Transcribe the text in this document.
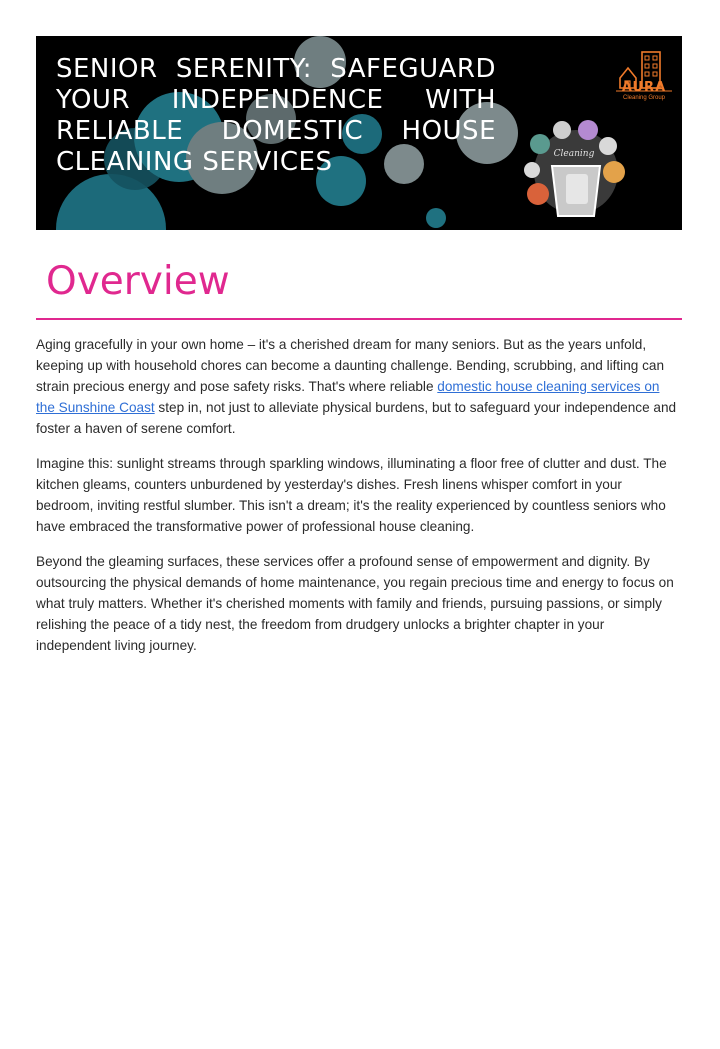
SENIOR SERENITY: SAFEGUARD YOUR INDEPENDENCE WITH RELIABLE DOMESTIC HOUSE CLEANING SERVICES
AURA
Cleaning Group
Cleaning
Overview

Aging gracefully in your own home – it's a cherished dream for many seniors. But as the years unfold, keeping up with household chores can become a daunting challenge. Bending, scrubbing, and lifting can strain precious energy and pose safety risks. That's where reliable domestic house cleaning services on the Sunshine Coast step in, not just to alleviate physical burdens, but to safeguard your independence and foster a haven of serene comfort.

Imagine this: sunlight streams through sparkling windows, illuminating a floor free of clutter and dust. The kitchen gleams, counters unburdened by yesterday's dishes. Fresh linens whisper comfort in your bedroom, inviting restful slumber. This isn't a dream; it's the reality experienced by countless seniors who have embraced the transformative power of professional house cleaning.

Beyond the gleaming surfaces, these services offer a profound sense of empowerment and dignity. By outsourcing the physical demands of home maintenance, you regain precious time and energy to focus on what truly matters. Whether it's cherished moments with family and friends, pursuing passions, or simply relishing the peace of a tidy nest, the freedom from drudgery unlocks a brighter chapter in your independent living journey.
